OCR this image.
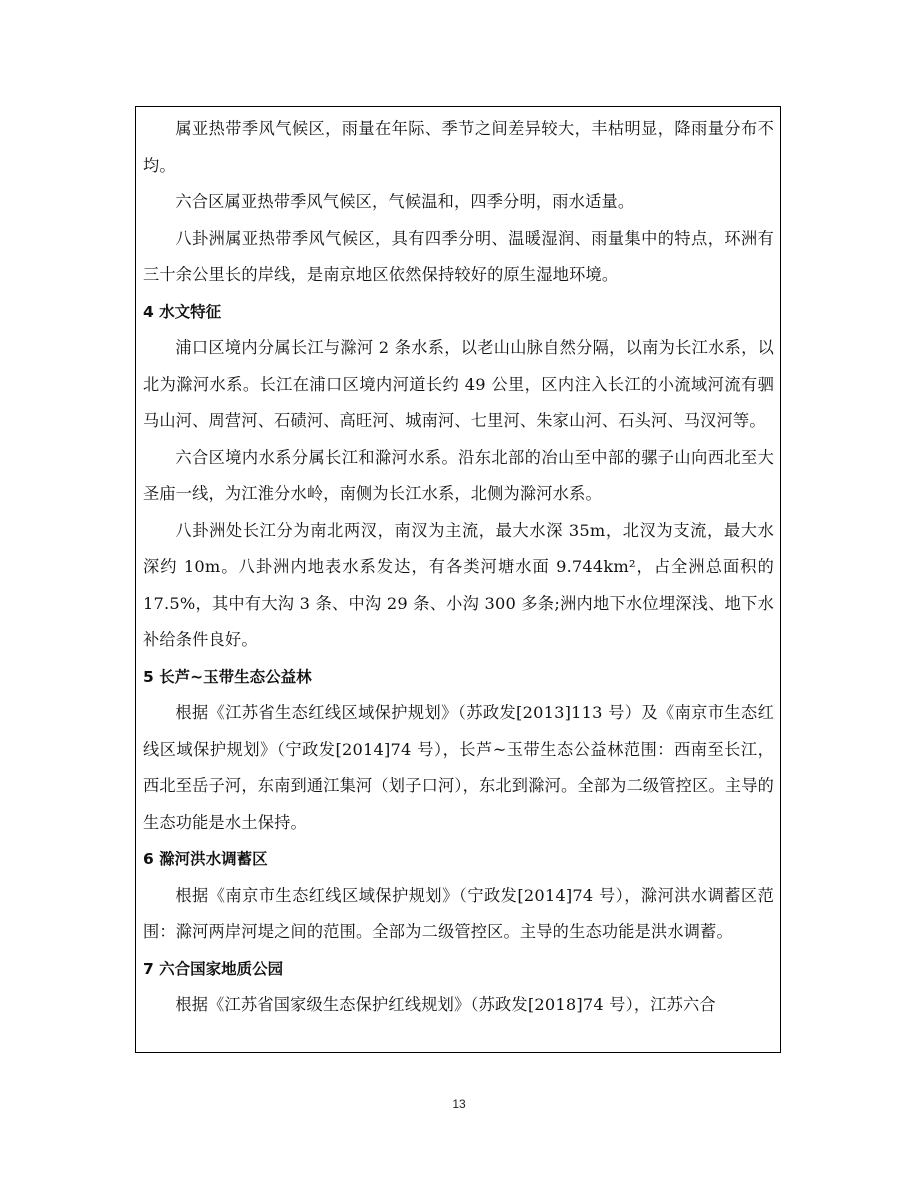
属亚热带季风气候区，雨量在年际、季节之间差异较大，丰枯明显，降雨量分布不均。

六合区属亚热带季风气候区，气候温和，四季分明，雨水适量。

八卦洲属亚热带季风气候区，具有四季分明、温暖湿润、雨量集中的特点，环洲有三十余公里长的岸线，是南京地区依然保持较好的原生湿地环境。

4 水文特征

浦口区境内分属长江与滁河 2 条水系，以老山山脉自然分隔，以南为长江水系，以北为滁河水系。长江在浦口区境内河道长约 49 公里，区内注入长江的小流域河流有驷马山河、周营河、石碛河、高旺河、城南河、七里河、朱家山河、石头河、马汊河等。

六合区境内水系分属长江和滁河水系。沿东北部的冶山至中部的骡子山向西北至大圣庙一线，为江淮分水岭，南侧为长江水系，北侧为滁河水系。

八卦洲处长江分为南北两汊，南汊为主流，最大水深 35m，北汊为支流，最大水深约 10m。八卦洲内地表水系发达，有各类河塘水面 9.744km²，占全洲总面积的 17.5%，其中有大沟 3 条、中沟 29 条、小沟 300 多条;洲内地下水位埋深浅、地下水补给条件良好。

5 长芦~玉带生态公益林

根据《江苏省生态红线区域保护规划》（苏政发[2013]113 号）及《南京市生态红线区域保护规划》（宁政发[2014]74 号），长芦~玉带生态公益林范围：西南至长江，西北至岳子河，东南到通江集河（划子口河），东北到滁河。全部为二级管控区。主导的生态功能是水土保持。

6 滁河洪水调蓄区

根据《南京市生态红线区域保护规划》（宁政发[2014]74 号），滁河洪水调蓄区范围：滁河两岸河堤之间的范围。全部为二级管控区。主导的生态功能是洪水调蓄。

7 六合国家地质公园

根据《江苏省国家级生态保护红线规划》（苏政发[2018]74 号），江苏六合

13
